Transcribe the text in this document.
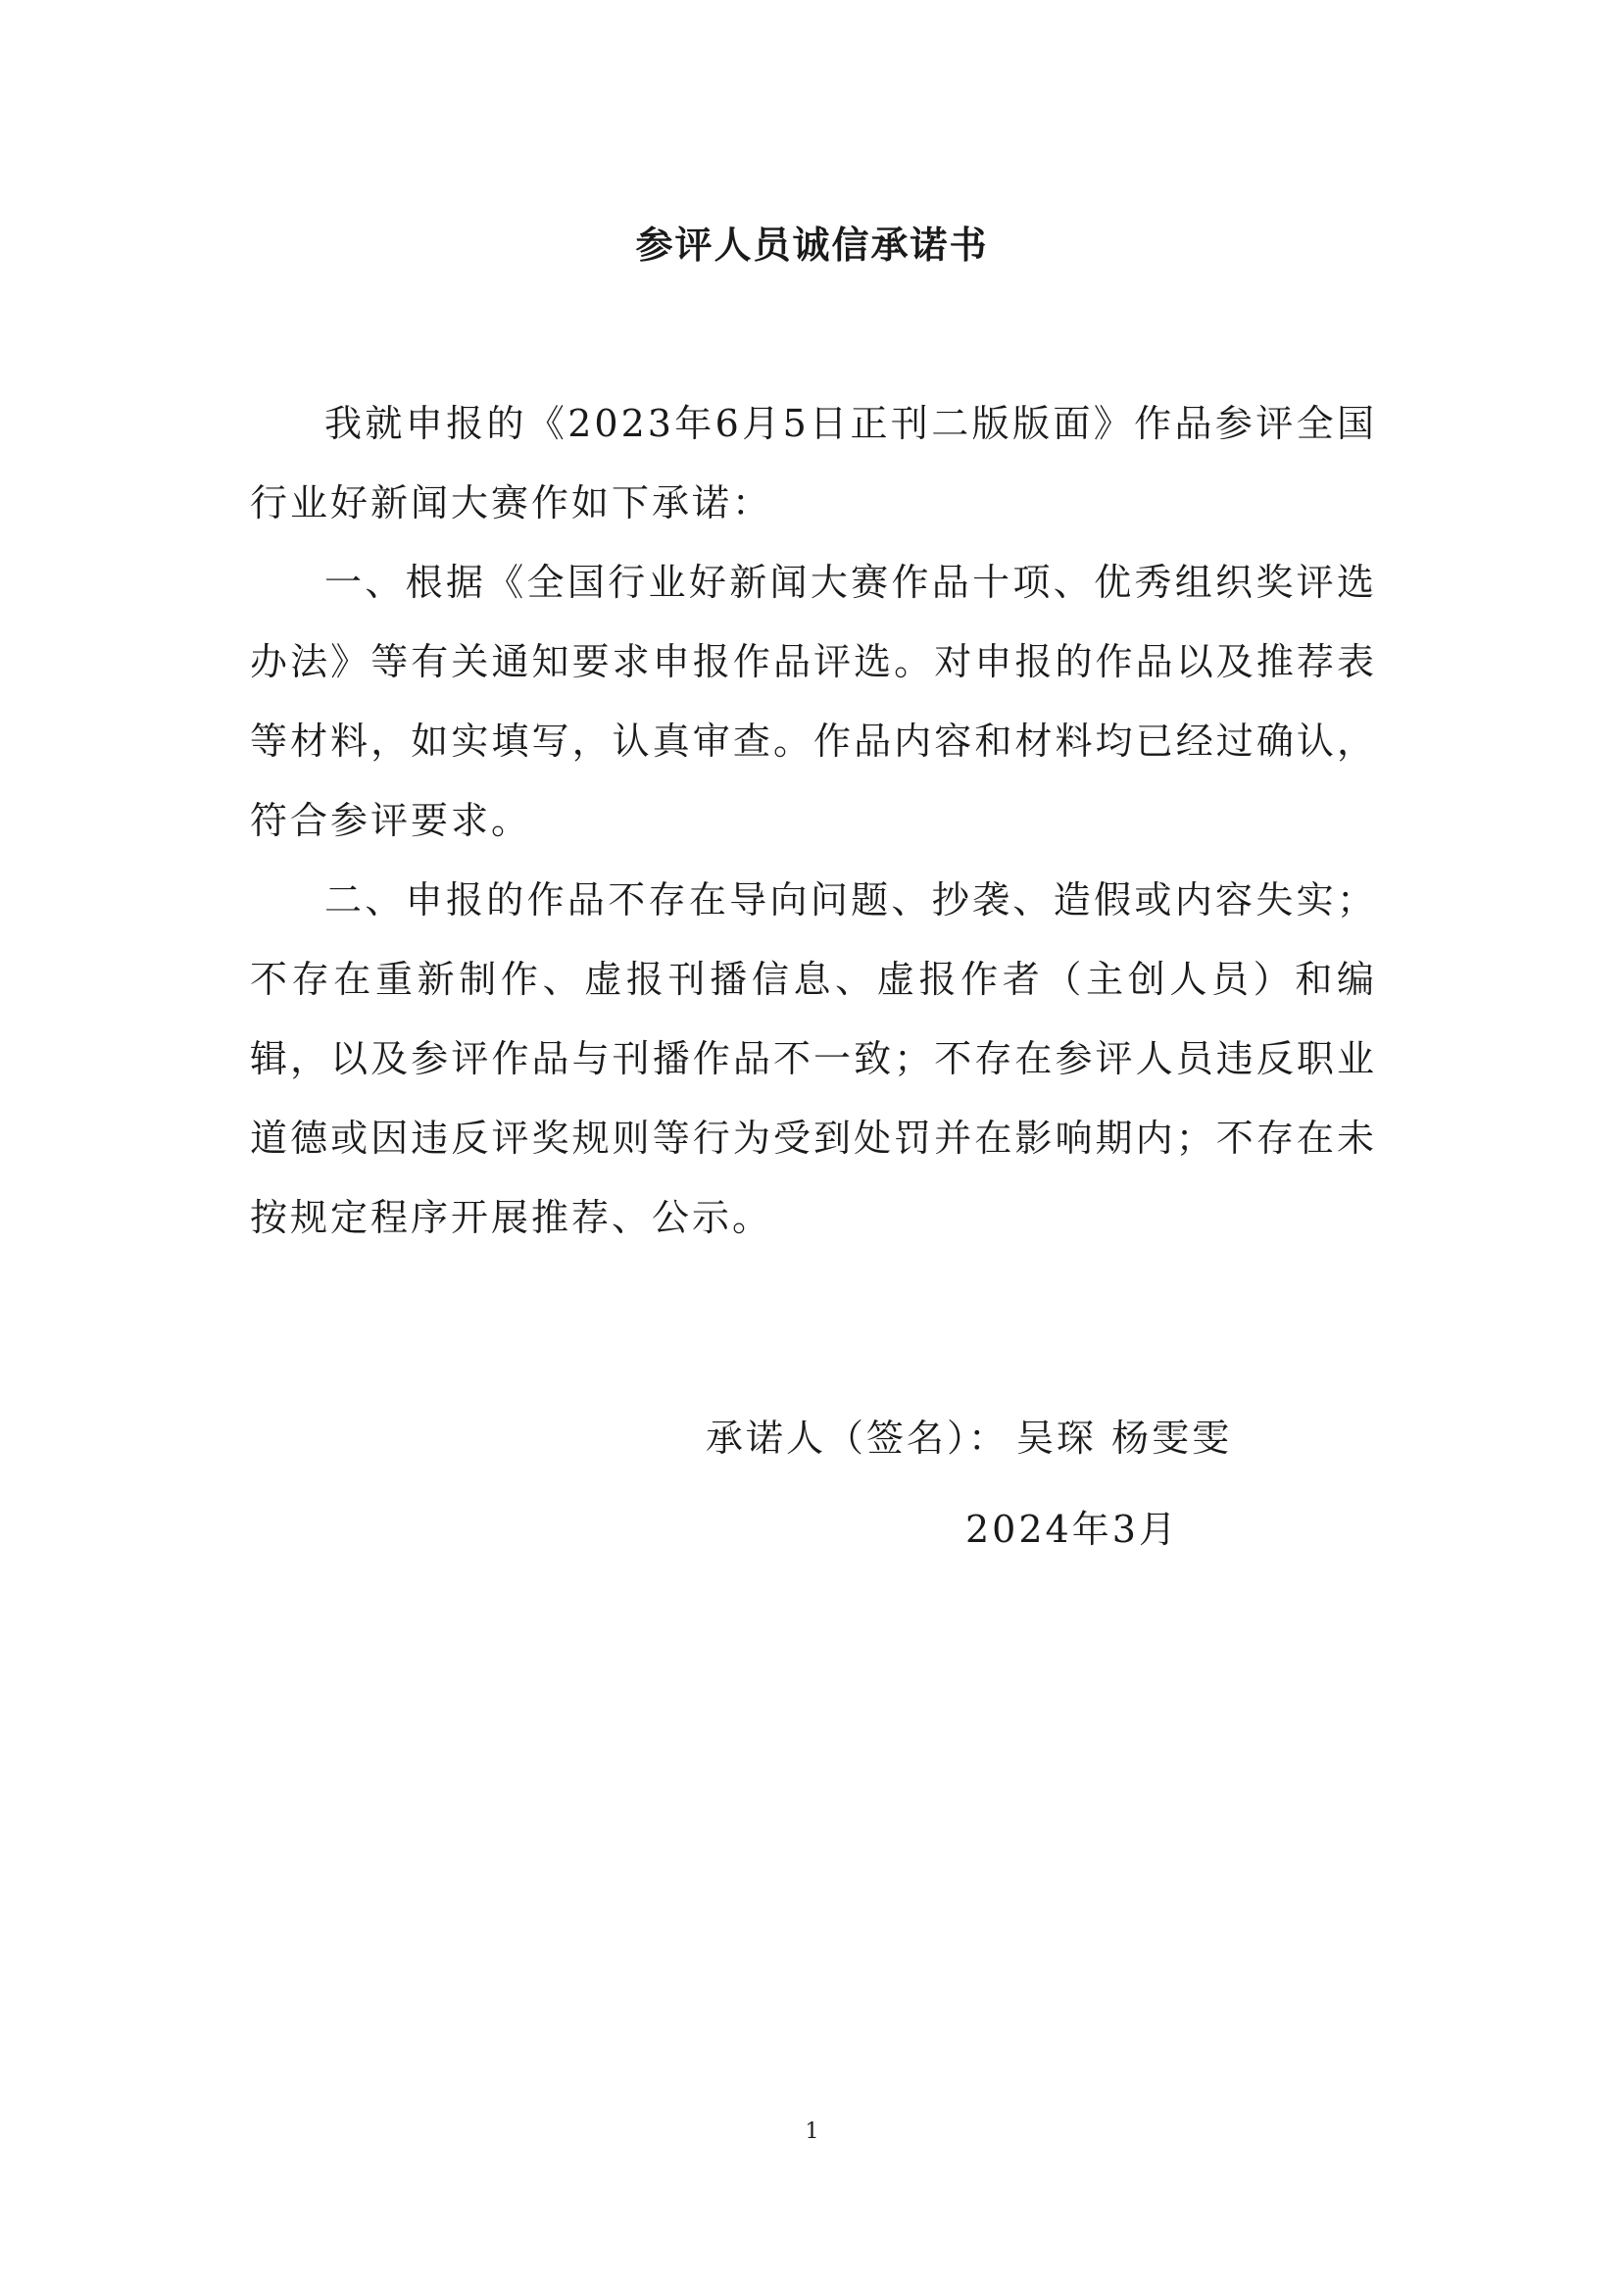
参评人员诚信承诺书

我就申报的《2023年6月5日正刊二版版面》作品参评全国行业好新闻大赛作如下承诺：

一、根据《全国行业好新闻大赛作品十项、优秀组织奖评选办法》等有关通知要求申报作品评选。对申报的作品以及推荐表等材料，如实填写，认真审查。作品内容和材料均已经过确认，符合参评要求。

二、申报的作品不存在导向问题、抄袭、造假或内容失实；不存在重新制作、虚报刊播信息、虚报作者（主创人员）和编辑，以及参评作品与刊播作品不一致；不存在参评人员违反职业道德或因违反评奖规则等行为受到处罚并在影响期内；不存在未按规定程序开展推荐、公示。

承诺人（签名）： 吴琛 杨雯雯
2024年3月
1
